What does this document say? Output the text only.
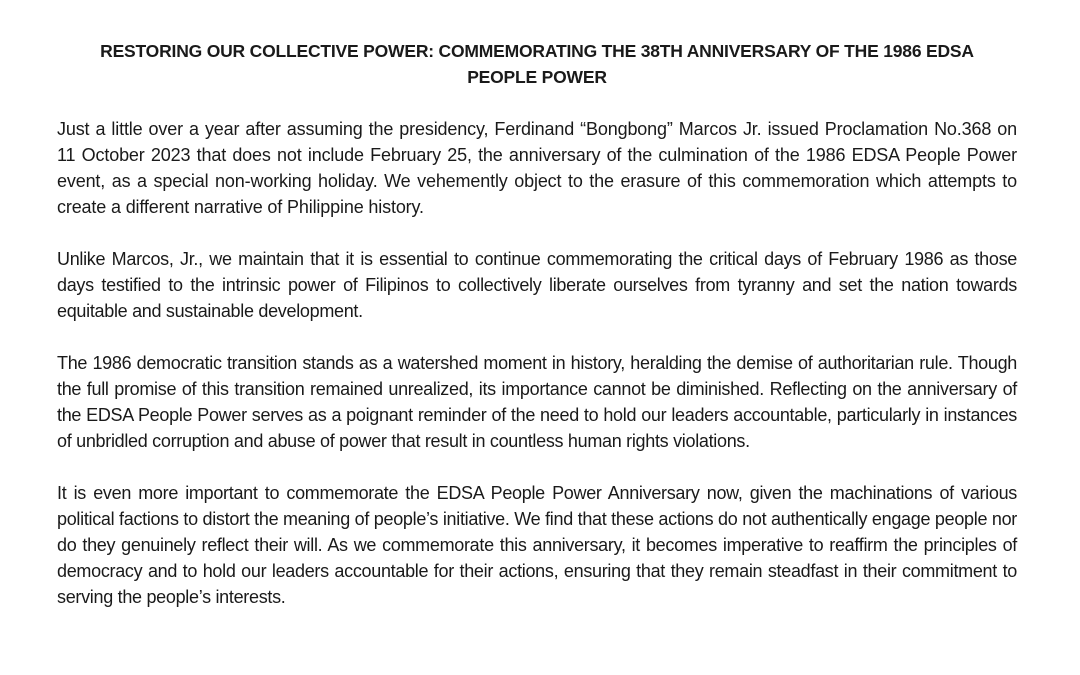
RESTORING OUR COLLECTIVE POWER: COMMEMORATING THE 38TH ANNIVERSARY OF THE 1986 EDSA PEOPLE POWER

Just a little over a year after assuming the presidency, Ferdinand “Bongbong” Marcos Jr. issued Proclamation No.368 on 11 October 2023 that does not include February 25, the anniversary of the culmination of the 1986 EDSA People Power event, as a special non-working holiday. We vehemently object to the erasure of this commemoration which attempts to create a different narrative of Philippine history.

Unlike Marcos, Jr., we maintain that it is essential to continue commemorating the critical days of February 1986 as those days testified to the intrinsic power of Filipinos to collectively liberate ourselves from tyranny and set the nation towards equitable and sustainable development.

The 1986 democratic transition stands as a watershed moment in history, heralding the demise of authoritarian rule. Though the full promise of this transition remained unrealized, its importance cannot be diminished. Reflecting on the anniversary of the EDSA People Power serves as a poignant reminder of the need to hold our leaders accountable, particularly in instances of unbridled corruption and abuse of power that result in countless human rights violations.

It is even more important to commemorate the EDSA People Power Anniversary now, given the machinations of various political factions to distort the meaning of people’s initiative. We find that these actions do not authentically engage people nor do they genuinely reflect their will. As we commemorate this anniversary, it becomes imperative to reaffirm the principles of democracy and to hold our leaders accountable for their actions, ensuring that they remain steadfast in their commitment to serving the people’s interests.
